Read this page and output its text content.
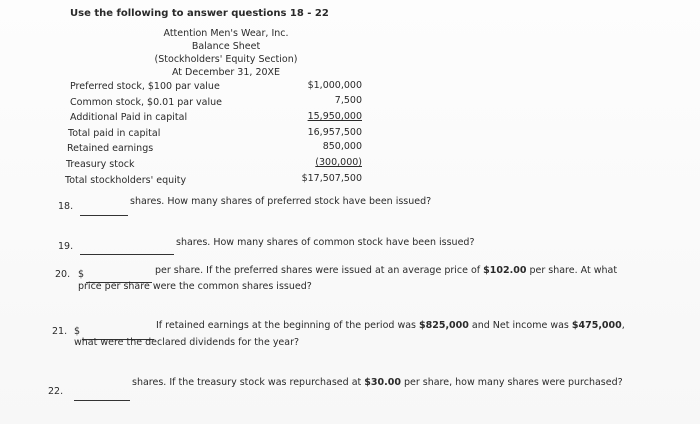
Use the following to answer questions 18 - 22
Attention Men's Wear, Inc.
Balance Sheet
(Stockholders' Equity Section)
At December 31, 20XE
Preferred stock, $100 par value	$1,000,000
Common stock, $0.01 par value	7,500
Additional Paid in capital	15,950,000
Total paid in capital	16,957,500
Retained earnings	850,000
Treasury stock	(300,000)
Total stockholders' equity	$17,507,500
18.	shares. How many shares of preferred stock have been issued?
19.	shares. How many shares of common stock have been issued?
20. $	per share. If the preferred shares were issued at an average price of $102.00 per share. At what
price per share were the common shares issued?
21. $
If retained earnings at the beginning of the period was $825,000 and Net income was $475,000,
what were the declared dividends for the year?
22.
shares. If the treasury stock was repurchased at $30.00 per share, how many shares were purchased?
